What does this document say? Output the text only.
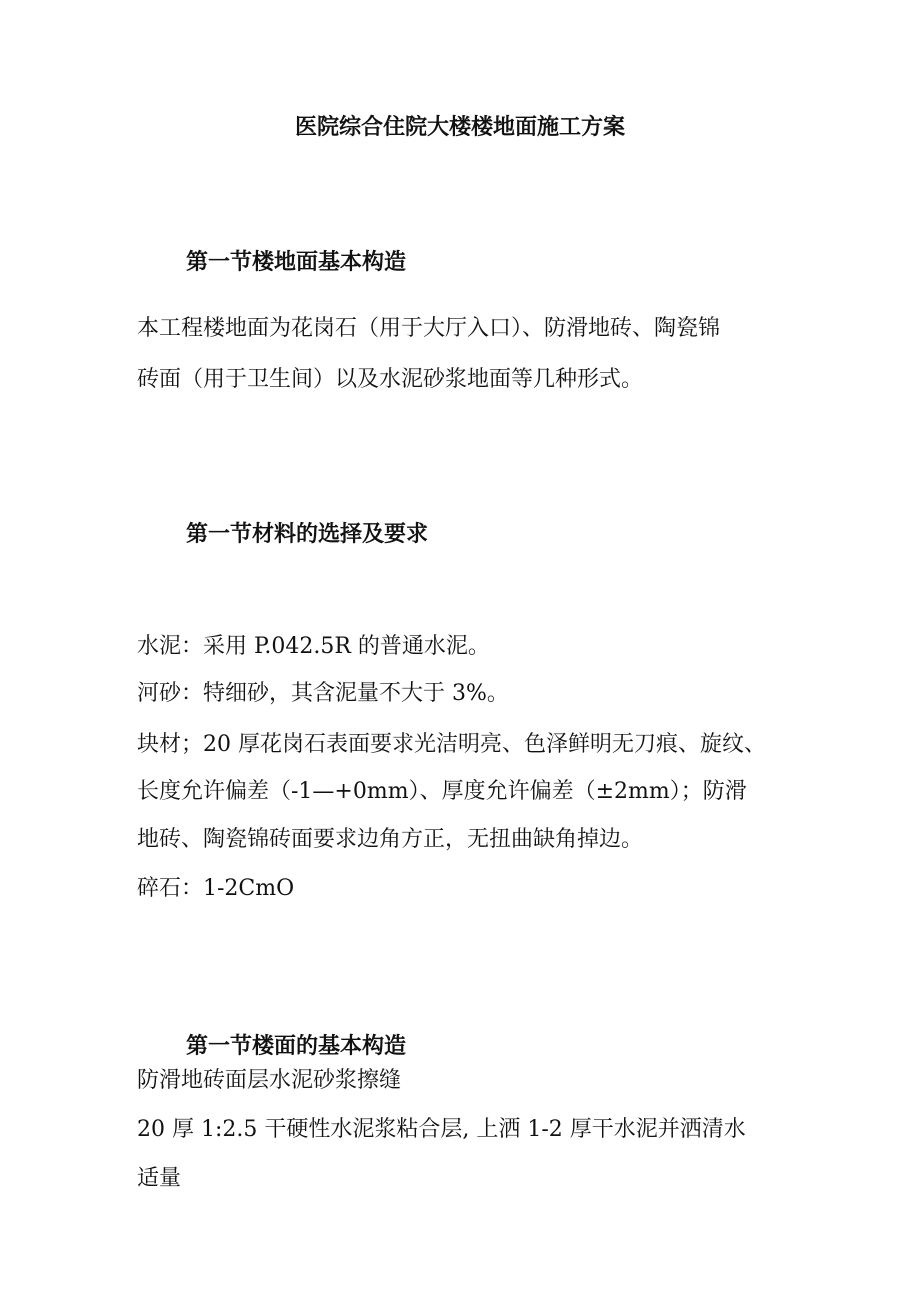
医院综合住院大楼楼地面施工方案
第一节楼地面基本构造
本工程楼地面为花岗石（用于大厅入口）、防滑地砖、陶瓷锦
砖面（用于卫生间）以及水泥砂浆地面等几种形式。
第一节材料的选择及要求
水泥：采用 P.042.5R 的普通水泥。
河砂：特细砂，其含泥量不大于 3%。
块材；20 厚花岗石表面要求光洁明亮、色泽鲜明无刀痕、旋纹、
长度允许偏差（-1—+0mm）、厚度允许偏差（±2mm）；防滑
地砖、陶瓷锦砖面要求边角方正，无扭曲缺角掉边。
碎石：1-2CmO
第一节楼面的基本构造
防滑地砖面层水泥砂浆擦缝
20 厚 1:2.5 干硬性水泥浆粘合层, 上洒 1-2 厚干水泥并洒清水
适量
